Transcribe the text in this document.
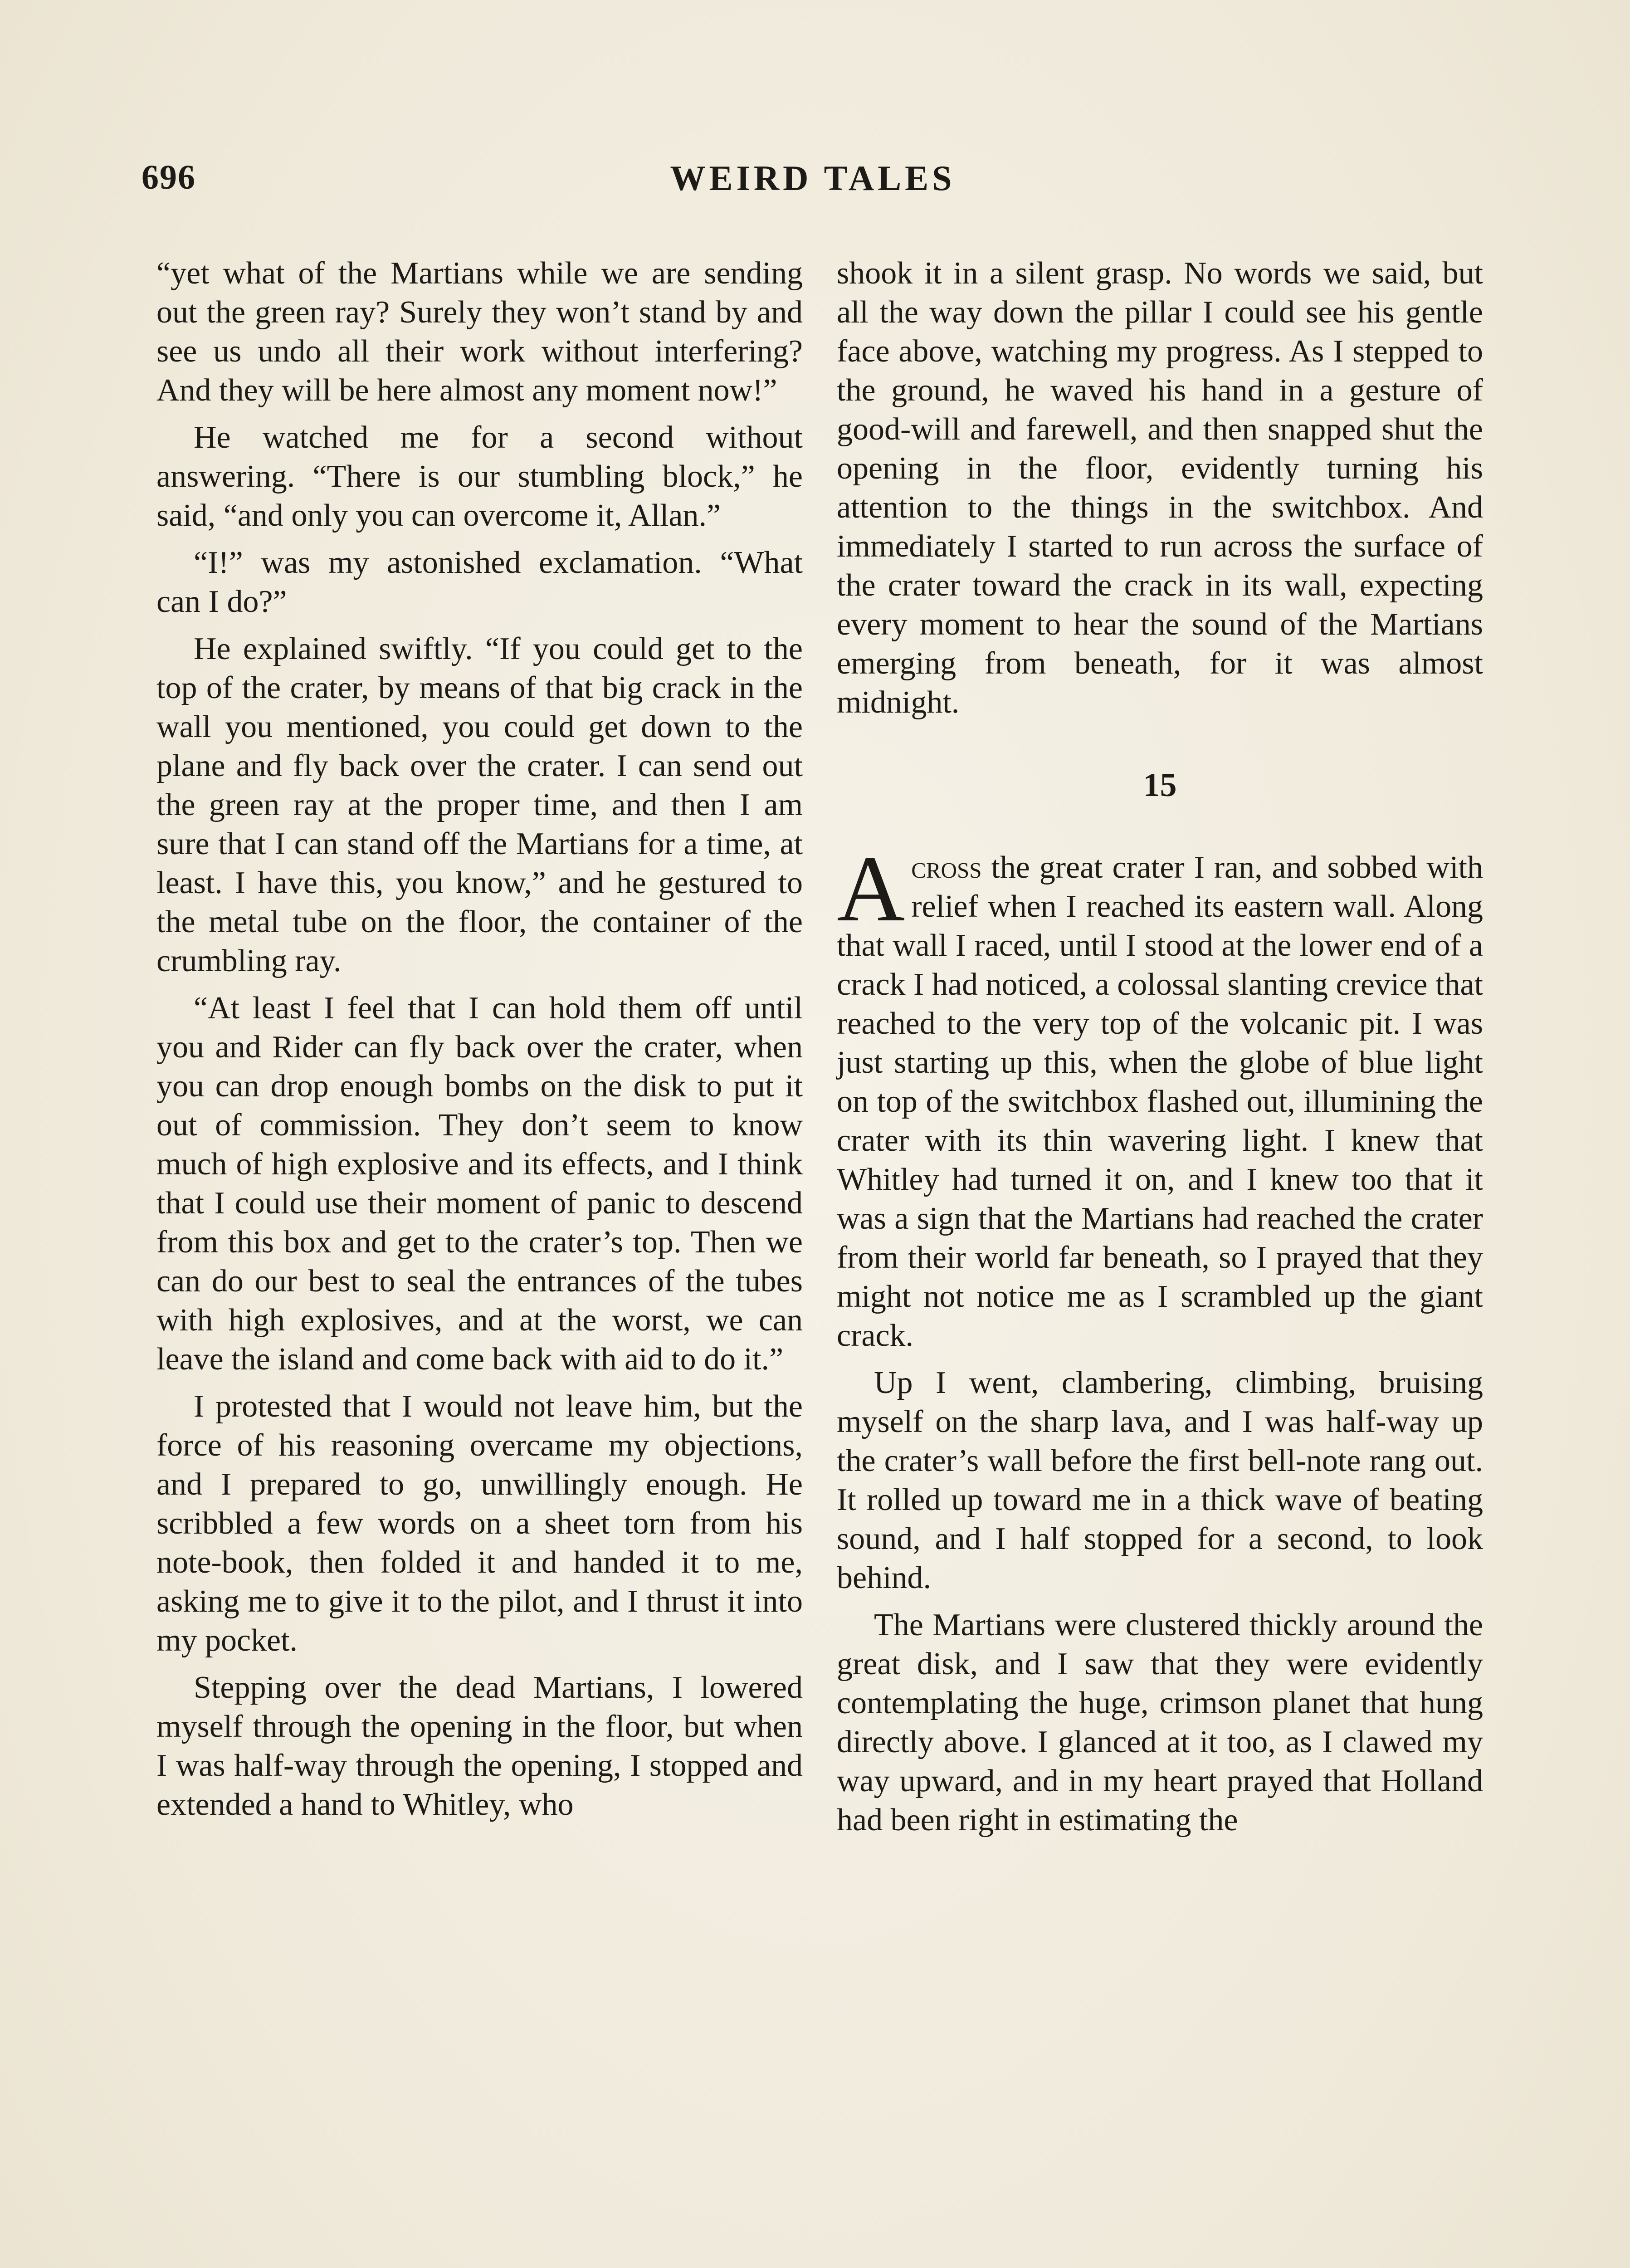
696	WEIRD TALES

“yet what of the Martians while we are sending out the green ray? Surely they won’t stand by and see us undo all their work without interfering? And they will be here almost any moment now!”

He watched me for a second without answering. “There is our stumbling block,” he said, “and only you can overcome it, Allan.”

“I!” was my astonished exclamation. “What can I do?”

He explained swiftly. “If you could get to the top of the crater, by means of that big crack in the wall you mentioned, you could get down to the plane and fly back over the crater. I can send out the green ray at the proper time, and then I am sure that I can stand off the Martians for a time, at least. I have this, you know,” and he gestured to the metal tube on the floor, the container of the crumbling ray.

“At least I feel that I can hold them off until you and Rider can fly back over the crater, when you can drop enough bombs on the disk to put it out of commission. They don’t seem to know much of high explosive and its effects, and I think that I could use their moment of panic to descend from this box and get to the crater’s top. Then we can do our best to seal the entrances of the tubes with high explosives, and at the worst, we can leave the island and come back with aid to do it.”

I protested that I would not leave him, but the force of his reasoning overcame my objections, and I prepared to go, unwillingly enough. He scribbled a few words on a sheet torn from his note-book, then folded it and handed it to me, asking me to give it to the pilot, and I thrust it into my pocket.

Stepping over the dead Martians, I lowered myself through the opening in the floor, but when I was half-way through the opening, I stopped and extended a hand to Whitley, who

shook it in a silent grasp. No words we said, but all the way down the pillar I could see his gentle face above, watching my progress. As I stepped to the ground, he waved his hand in a gesture of good-will and farewell, and then snapped shut the opening in the floor, evidently turning his attention to the things in the switchbox. And immediately I started to run across the surface of the crater toward the crack in its wall, expecting every moment to hear the sound of the Martians emerging from beneath, for it was almost midnight.

15

Across the great crater I ran, and sobbed with relief when I reached its eastern wall. Along that wall I raced, until I stood at the lower end of a crack I had noticed, a colossal slanting crevice that reached to the very top of the volcanic pit. I was just starting up this, when the globe of blue light on top of the switchbox flashed out, illumining the crater with its thin wavering light. I knew that Whitley had turned it on, and I knew too that it was a sign that the Martians had reached the crater from their world far beneath, so I prayed that they might not notice me as I scrambled up the giant crack.

Up I went, clambering, climbing, bruising myself on the sharp lava, and I was half-way up the crater’s wall before the first bell-note rang out. It rolled up toward me in a thick wave of beating sound, and I half stopped for a second, to look behind.

The Martians were clustered thickly around the great disk, and I saw that they were evidently contemplating the huge, crimson planet that hung directly above. I glanced at it too, as I clawed my way upward, and in my heart prayed that Holland had been right in estimating the
